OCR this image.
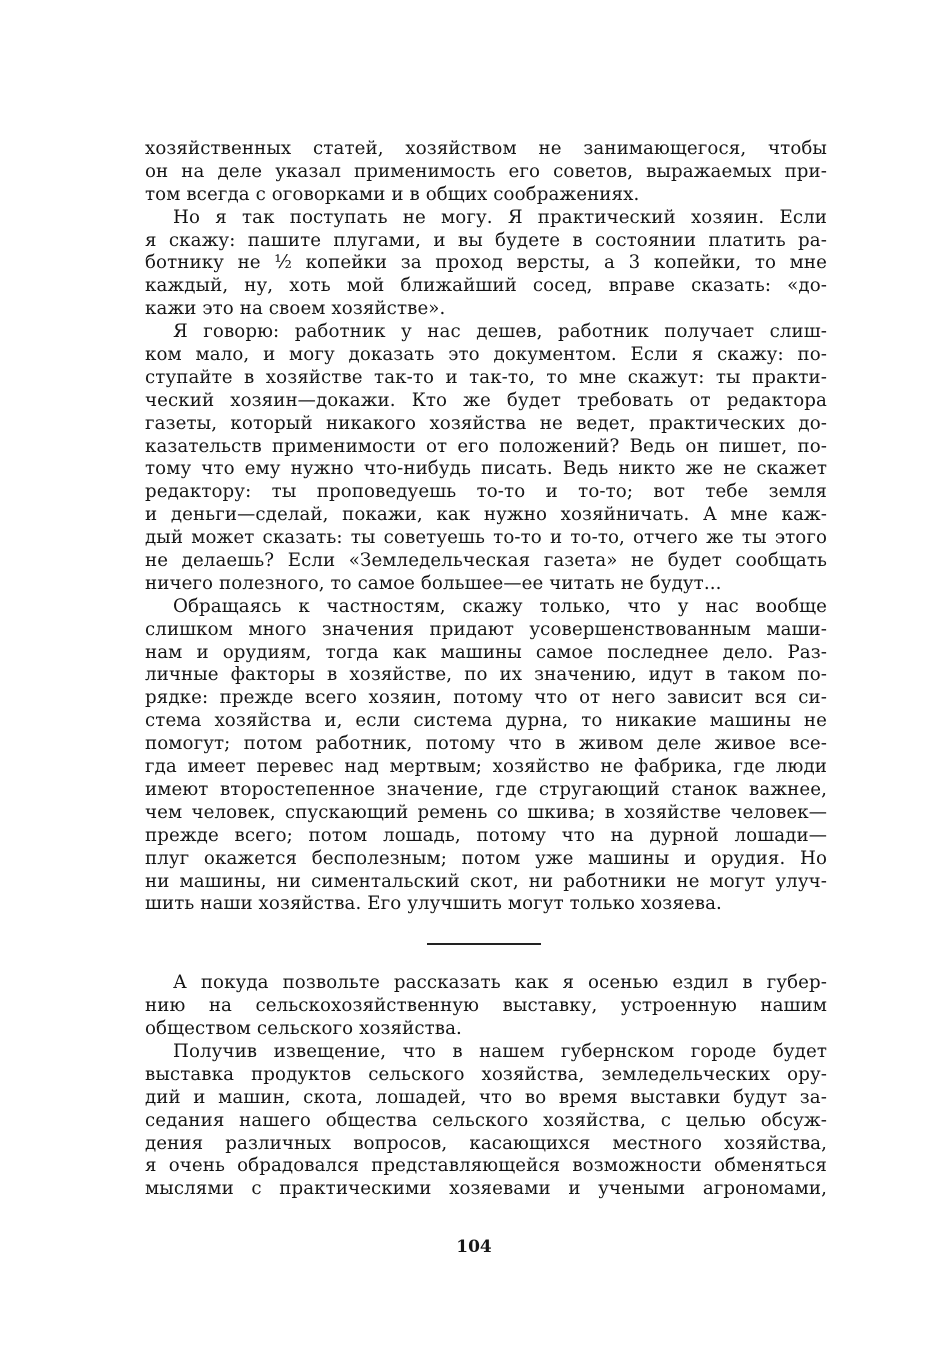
хозяйственных статей, хозяйством не занимающегося, чтобы
он на деле указал применимость его советов, выражаемых при-
том всегда с оговорками и в общих соображениях.
Но я так поступать не могу. Я практический хозяин. Если
я скажу: пашите плугами, и вы будете в состоянии платить ра-
ботнику не ½ копейки за проход версты, а 3 копейки, то мне
каждый, ну, хоть мой ближайший сосед, вправе сказать: «до-
кажи это на своем хозяйстве».
Я говорю: работник у нас дешев, работник получает слиш-
ком мало, и могу доказать это документом. Если я скажу: по-
ступайте в хозяйстве так-то и так-то, то мне скажут: ты практи-
ческий хозяин—докажи. Кто же будет требовать от редактора
газеты, который никакого хозяйства не ведет, практических до-
казательств применимости от его положений? Ведь он пишет, по-
тому что ему нужно что-нибудь писать. Ведь никто же не скажет
редактору: ты проповедуешь то-то и то-то; вот тебе земля
и деньги—сделай, покажи, как нужно хозяйничать. А мне каж-
дый может сказать: ты советуешь то-то и то-то, отчего же ты этого
не делаешь? Если «Земледельческая газета» не будет сообщать
ничего полезного, то самое большее—ее читать не будут...
Обращаясь к частностям, скажу только, что у нас вообще
слишком много значения придают усовершенствованным маши-
нам и орудиям, тогда как машины самое последнее дело. Раз-
личные факторы в хозяйстве, по их значению, идут в таком по-
рядке: прежде всего хозяин, потому что от него зависит вся си-
стема хозяйства и, если система дурна, то никакие машины не
помогут; потом работник, потому что в живом деле живое все-
гда имеет перевес над мертвым; хозяйство не фабрика, где люди
имеют второстепенное значение, где стругающий станок важнее,
чем человек, спускающий ремень со шкива; в хозяйстве человек—
прежде всего; потом лошадь, потому что на дурной лошади—
плуг окажется бесполезным; потом уже машины и орудия. Но
ни машины, ни симентальский скот, ни работники не могут улуч-
шить наши хозяйства. Его улучшить могут только хозяева.
А покуда позвольте рассказать как я осенью ездил в губер-
нию на сельскохозяйственную выставку, устроенную нашим
обществом сельского хозяйства.
Получив извещение, что в нашем губернском городе будет
выставка продуктов сельского хозяйства, земледельческих ору-
дий и машин, скота, лошадей, что во время выставки будут за-
седания нашего общества сельского хозяйства, с целью обсуж-
дения различных вопросов, касающихся местного хозяйства,
я очень обрадовался представляющейся возможности обменяться
мыслями с практическими хозяевами и учеными агрономами,
104
